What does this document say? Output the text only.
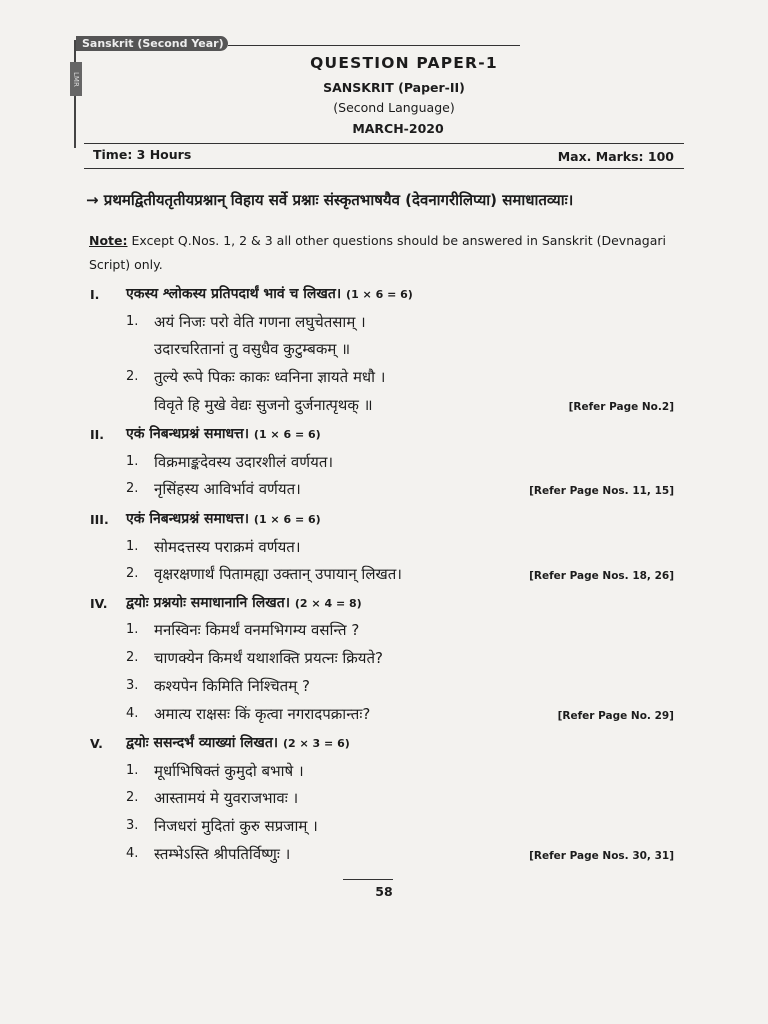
Sanskrit (Second Year)
LMR
QUESTION PAPER-1
SANSKRIT (Paper-II)
(Second Language)
MARCH-2020
Time: 3 Hours	Max. Marks: 100
→ प्रथमद्वितीयतृतीयप्रश्नान् विहाय सर्वे प्रश्नाः संस्कृतभाषयैव (देवनागरीलिप्या) समाधातव्याः।
Note: Except Q.Nos. 1, 2 & 3 all other questions should be answered in Sanskrit (Devnagari Script) only.
I. एकस्य श्लोकस्य प्रतिपदार्थं भावं च लिखत। (1 × 6 = 6)
1. अयं निजः परो वेति गणना लघुचेतसाम् ।
उदारचरितानां तु वसुधैव कुटुम्बकम् ॥
2. तुल्ये रूपे पिकः काकः ध्वनिना ज्ञायते मधौ ।
विवृते हि मुखे वेद्यः सुजनो दुर्जनात्पृथक् ॥	[Refer Page No.2]
II. एकं निबन्धप्रश्नं समाधत्त। (1 × 6 = 6)
1. विक्रमाङ्कदेवस्य उदारशीलं वर्णयत।
2. नृसिंहस्य आविर्भावं वर्णयत।	[Refer Page Nos. 11, 15]
III. एकं निबन्धप्रश्नं समाधत्त। (1 × 6 = 6)
1. सोमदत्तस्य पराक्रमं वर्णयत।
2. वृक्षरक्षणार्थं पितामह्या उक्तान् उपायान् लिखत।	[Refer Page Nos. 18, 26]
IV. द्वयोः प्रश्नयोः समाधानानि लिखत। (2 × 4 = 8)
1. मनस्विनः किमर्थं वनमभिगम्य वसन्ति ?
2. चाणक्येन किमर्थं यथाशक्ति प्रयत्नः क्रियते?
3. कश्यपेन किमिति निश्चितम् ?
4. अमात्य राक्षसः किं कृत्वा नगरादपक्रान्तः?	[Refer Page No. 29]
V. द्वयोः ससन्दर्भं व्याख्यां लिखत। (2 × 3 = 6)
1. मूर्धाभिषिक्तं कुमुदो बभाषे ।
2. आस्तामयं मे युवराजभावः ।
3. निजधरां मुदितां कुरु सप्रजाम् ।
4. स्तम्भेऽस्ति श्रीपतिर्विष्णुः ।	[Refer Page Nos. 30, 31]
58
